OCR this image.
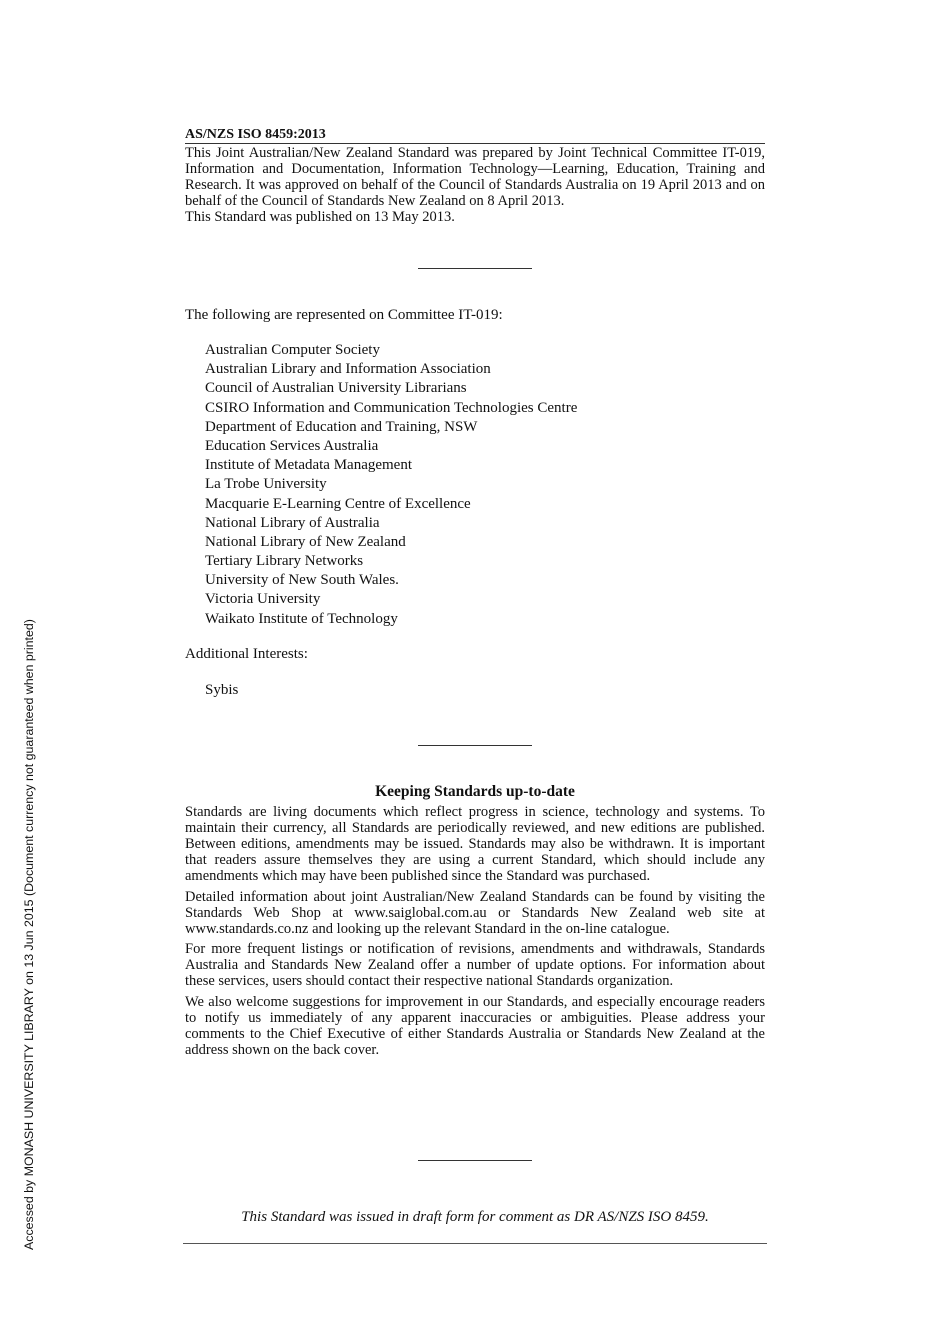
AS/NZS ISO 8459:2013

This Joint Australian/New Zealand Standard was prepared by Joint Technical Committee IT-019, Information and Documentation, Information Technology—Learning, Education, Training and Research. It was approved on behalf of the Council of Standards Australia on 19 April 2013 and on behalf of the Council of Standards New Zealand on 8 April 2013.

This Standard was published on 13 May 2013.

The following are represented on Committee IT-019:
Australian Computer Society
Australian Library and Information Association
Council of Australian University Librarians
CSIRO Information and Communication Technologies Centre
Department of Education and Training, NSW
Education Services Australia
Institute of Metadata Management
La Trobe University
Macquarie E-Learning Centre of Excellence
National Library of Australia
National Library of New Zealand
Tertiary Library Networks
University of New South Wales.
Victoria University
Waikato Institute of Technology
Additional Interests:
Sybis
Keeping Standards up-to-date

Standards are living documents which reflect progress in science, technology and systems. To maintain their currency, all Standards are periodically reviewed, and new editions are published. Between editions, amendments may be issued. Standards may also be withdrawn. It is important that readers assure themselves they are using a current Standard, which should include any amendments which may have been published since the Standard was purchased.

Detailed information about joint Australian/New Zealand Standards can be found by visiting the Standards Web Shop at www.saiglobal.com.au or Standards New Zealand web site at www.standards.co.nz and looking up the relevant Standard in the on-line catalogue.

For more frequent listings or notification of revisions, amendments and withdrawals, Standards Australia and Standards New Zealand offer a number of update options. For information about these services, users should contact their respective national Standards organization.

We also welcome suggestions for improvement in our Standards, and especially encourage readers to notify us immediately of any apparent inaccuracies or ambiguities. Please address your comments to the Chief Executive of either Standards Australia or Standards New Zealand at the address shown on the back cover.

This Standard was issued in draft form for comment as DR AS/NZS ISO 8459.
Accessed by MONASH UNIVERSITY LIBRARY on 13 Jun 2015 (Document currency not guaranteed when printed)
